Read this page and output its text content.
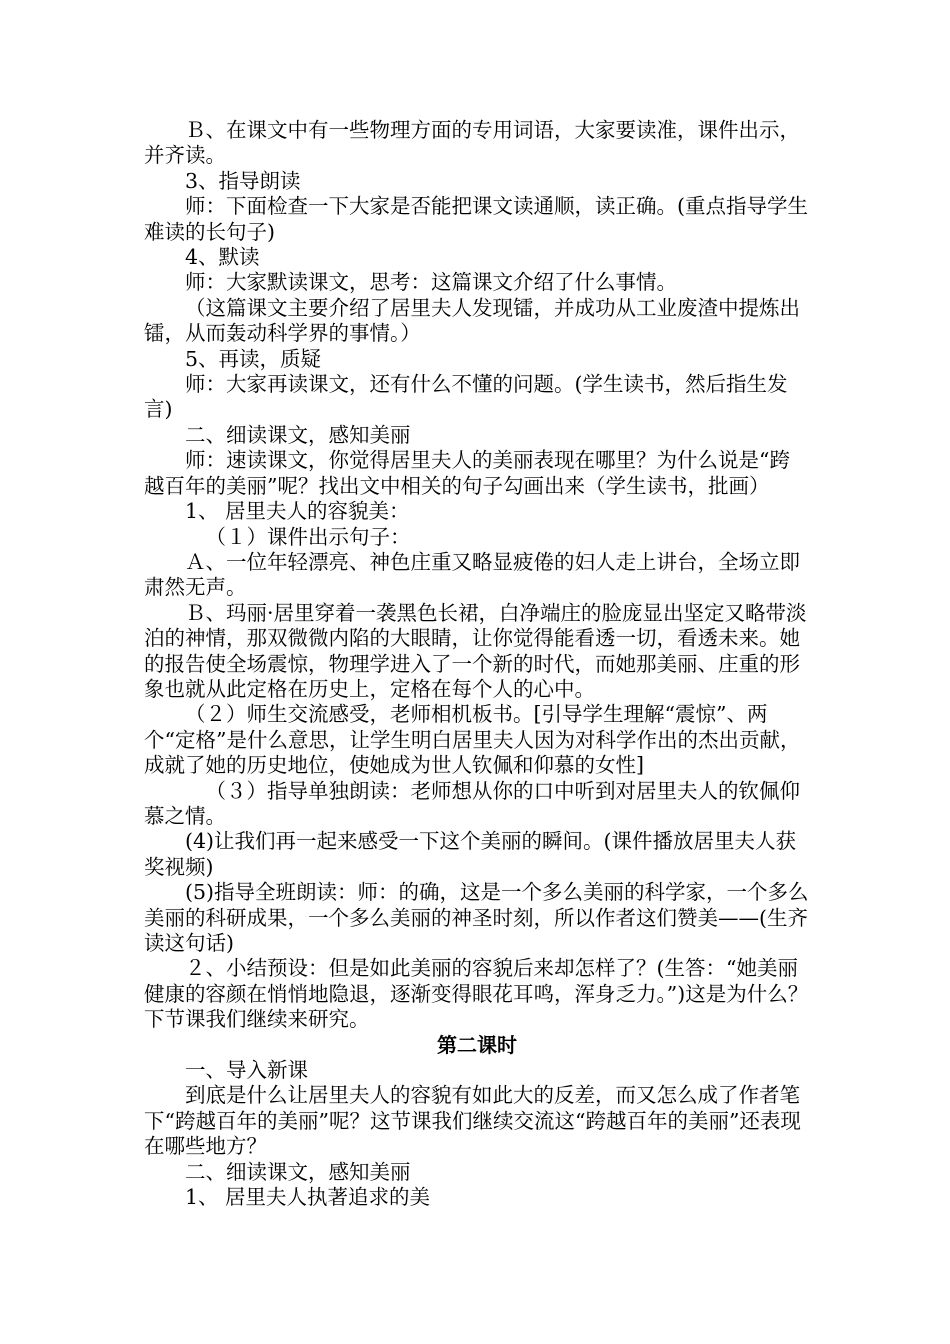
Ｂ、在课文中有一些物理方面的专用词语，大家要读准，课件出示，并齐读。

3、指导朗读

师：下面检查一下大家是否能把课文读通顺，读正确。(重点指导学生难读的长句子)

4、默读

师：大家默读课文，思考：这篇课文介绍了什么事情。

（这篇课文主要介绍了居里夫人发现镭，并成功从工业废渣中提炼出镭，从而轰动科学界的事情。）

5、再读，质疑

师：大家再读课文，还有什么不懂的问题。(学生读书，然后指生发言)

二、细读课文，感知美丽

师：速读课文，你觉得居里夫人的美丽表现在哪里？为什么说是“跨越百年的美丽”呢？找出文中相关的句子勾画出来（学生读书，批画）

1、 居里夫人的容貌美：

（１）课件出示句子：

Ａ、一位年轻漂亮、神色庄重又略显疲倦的妇人走上讲台，全场立即肃然无声。

Ｂ、玛丽·居里穿着一袭黑色长裙，白净端庄的脸庞显出坚定又略带淡泊的神情，那双微微内陷的大眼睛，让你觉得能看透一切，看透未来。她的报告使全场震惊，物理学进入了一个新的时代，而她那美丽、庄重的形象也就从此定格在历史上，定格在每个人的心中。

（２）师生交流感受，老师相机板书。[引导学生理解“震惊”、两个“定格”是什么意思，让学生明白居里夫人因为对科学作出的杰出贡献，成就了她的历史地位，使她成为世人钦佩和仰慕的女性]

（３）指导单独朗读：老师想从你的口中听到对居里夫人的钦佩仰慕之情。

(4)让我们再一起来感受一下这个美丽的瞬间。(课件播放居里夫人获奖视频)

(5)指导全班朗读：师：的确，这是一个多么美丽的科学家，一个多么美丽的科研成果，一个多么美丽的神圣时刻，所以作者这们赞美——(生齐读这句话)

２、小结预设：但是如此美丽的容貌后来却怎样了？(生答：“她美丽健康的容颜在悄悄地隐退，逐渐变得眼花耳鸣，浑身乏力。”)这是为什么？下节课我们继续来研究。

第二课时

一、导入新课

到底是什么让居里夫人的容貌有如此大的反差，而又怎么成了作者笔下“跨越百年的美丽”呢？这节课我们继续交流这“跨越百年的美丽”还表现在哪些地方？

二、细读课文，感知美丽

1、 居里夫人执著追求的美
